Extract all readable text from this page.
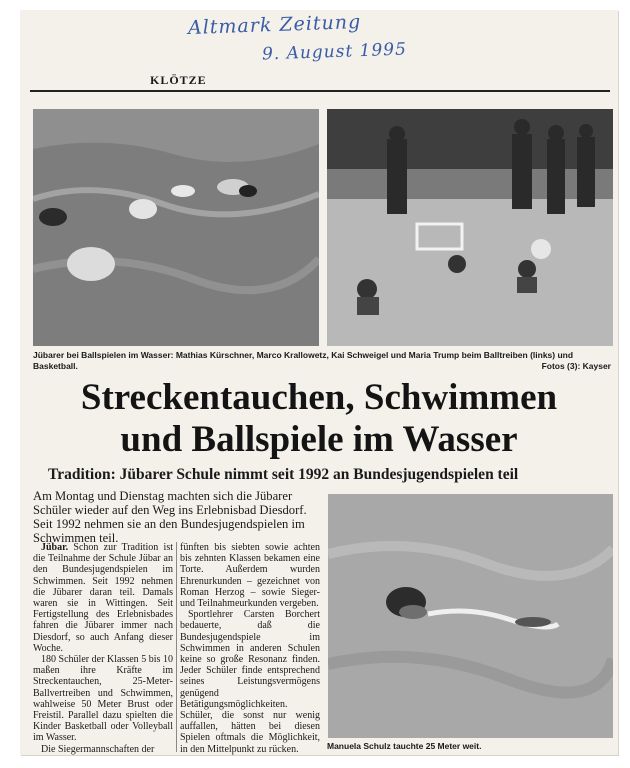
Altmark Zeitung
9. August 1995
KLÖTZE
Jübarer bei Ballspielen im Wasser: Mathias Kürschner, Marco Krallowetz, Kai Schweigel und Maria Trump beim Balltreiben (links) und Basketball.	Fotos (3): Kayser
Streckentauchen, Schwimmen
und Ballspiele im Wasser
Tradition: Jübarer Schule nimmt seit 1992 an Bundesjugendspielen teil
Am Montag und Dienstag machten sich die Jübarer Schüler wieder auf den Weg ins Erlebnisbad Diesdorf. Seit 1992 nehmen sie an den Bundesjugendspielen im Schwimmen teil.

Jübar. Schon zur Tradition ist die Teilnahme der Schule Jübar an den Bundesjugendspielen im Schwimmen. Seit 1992 nehmen die Jübarer daran teil. Damals waren sie in Wittingen. Seit Fertigstellung des Erlebnisbades fahren die Jübarer immer nach Diesdorf, so auch Anfang dieser Woche.

180 Schüler der Klassen 5 bis 10 maßen ihre Kräfte im Streckentauchen, 25-Meter-Ballvertreiben und Schwimmen, wahlweise 50 Meter Brust oder Freistil. Parallel dazu spielten die Kinder Basketball oder Volleyball im Wasser.

Die Siegermannschaften der

fünften bis siebten sowie achten bis zehnten Klassen bekamen eine Torte. Außerdem wurden Ehrenurkunden – gezeichnet von Roman Herzog – sowie Sieger- und Teilnahmeurkunden vergeben.

Sportlehrer Carsten Borchert bedauerte, daß die Bundesjugendspiele im Schwimmen in anderen Schulen keine so große Resonanz finden. Jeder Schüler finde entsprechend seines Leistungsvermögens genügend Betätigungsmöglichkeiten. Schüler, die sonst nur wenig auffallen, hätten bei diesen Spielen oftmals die Möglichkeit, in den Mittelpunkt zu rücken.	Manuela Schulz tauchte 25 Meter weit.
